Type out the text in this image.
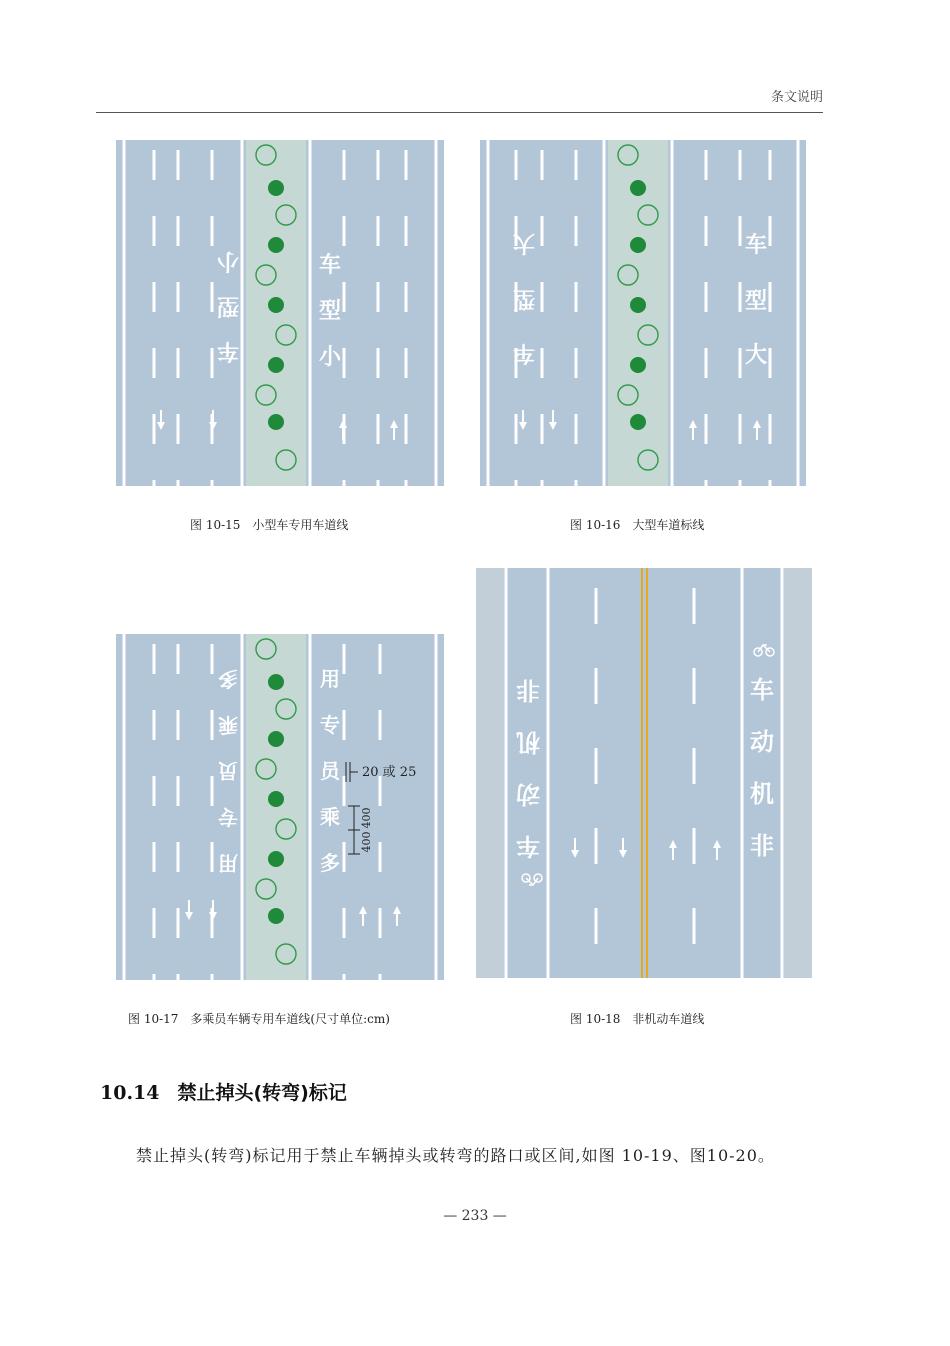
条文说明
小
型
车
车
型
小
图 10-15　小型车专用车道线
大
型
车
车
型
大
图 10-16　大型车道标线
多
乘
员
专
用
用
专
员
乘
多
20 或 25
400
400
图 10-17　多乘员车辆专用车道线(尺寸单位:cm)
非
机
动
车
车
动
机
非
图 10-18　非机动车道线
10.14 禁止掉头(转弯)标记
禁止掉头(转弯)标记用于禁止车辆掉头或转弯的路口或区间,如图 10-19、图10-20。
— 233 —
